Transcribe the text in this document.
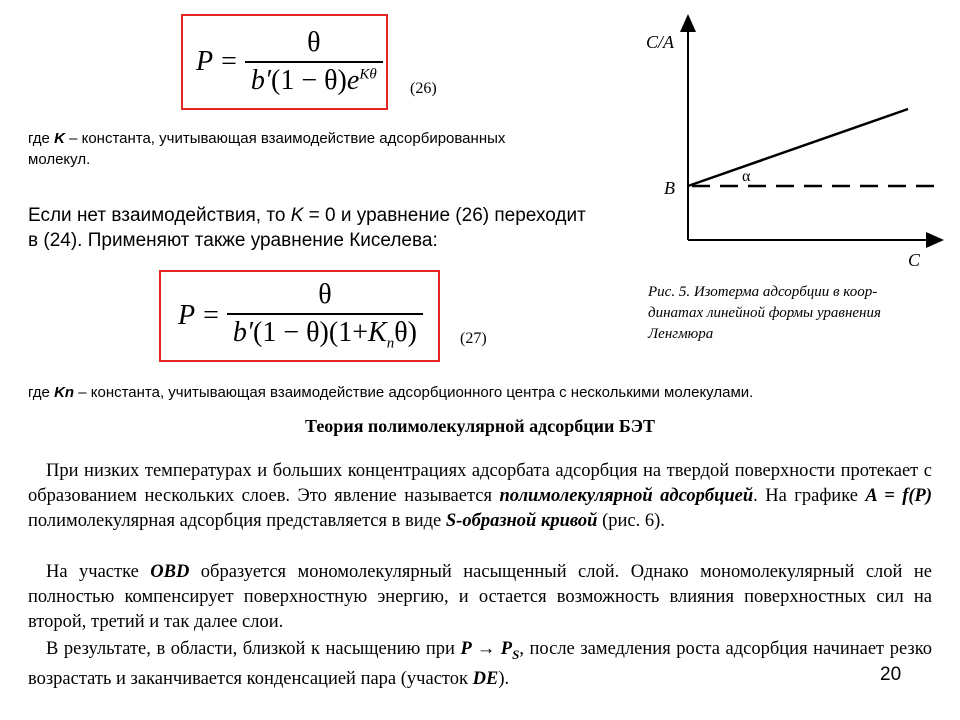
$P = \frac{\theta}{b'(1 - \theta)e^{K\theta}} (26)$
где K – константа, учитывающая взаимодействие адсорбированных
молекул.
Если нет взаимодействия, то K = 0 и уравнение (26) переходит
в (24). Применяют также уравнение Киселева:
$P = \frac{\theta}{b'(1 - \theta)(1+K_n\theta)} (27)$
где Kn – константа, учитывающая взаимодействие адсорбционного центра с несколькими молекулами.
C/A
C
B
α
Рис. 5. Изотерма адсорбции в коор-
динатах линейной формы уравнения
Ленгмюра
Теория полимолекулярной адсорбции БЭТ
При низких температурах и больших концентрациях адсорбата адсорбция на твердой поверхности протекает с образованием нескольких слоев. Это явление называется полимолекулярной адсорбцией. На графике A = f(P) полимолекулярная адсорбция представляется в виде S-образной кривой (рис. 6).
На участке OBD образуется мономолекулярный насыщенный слой. Однако мономолекулярный слой не полностью компенсирует поверхностную энергию, и остается возможность влияния поверхностных сил на второй, третий и так далее слои.
В результате, в области, близкой к насыщению при $P \to P_S$, после замедления роста адсорбция начинает резко возрастать и заканчивается конденсацией пара (участок DE).	20
